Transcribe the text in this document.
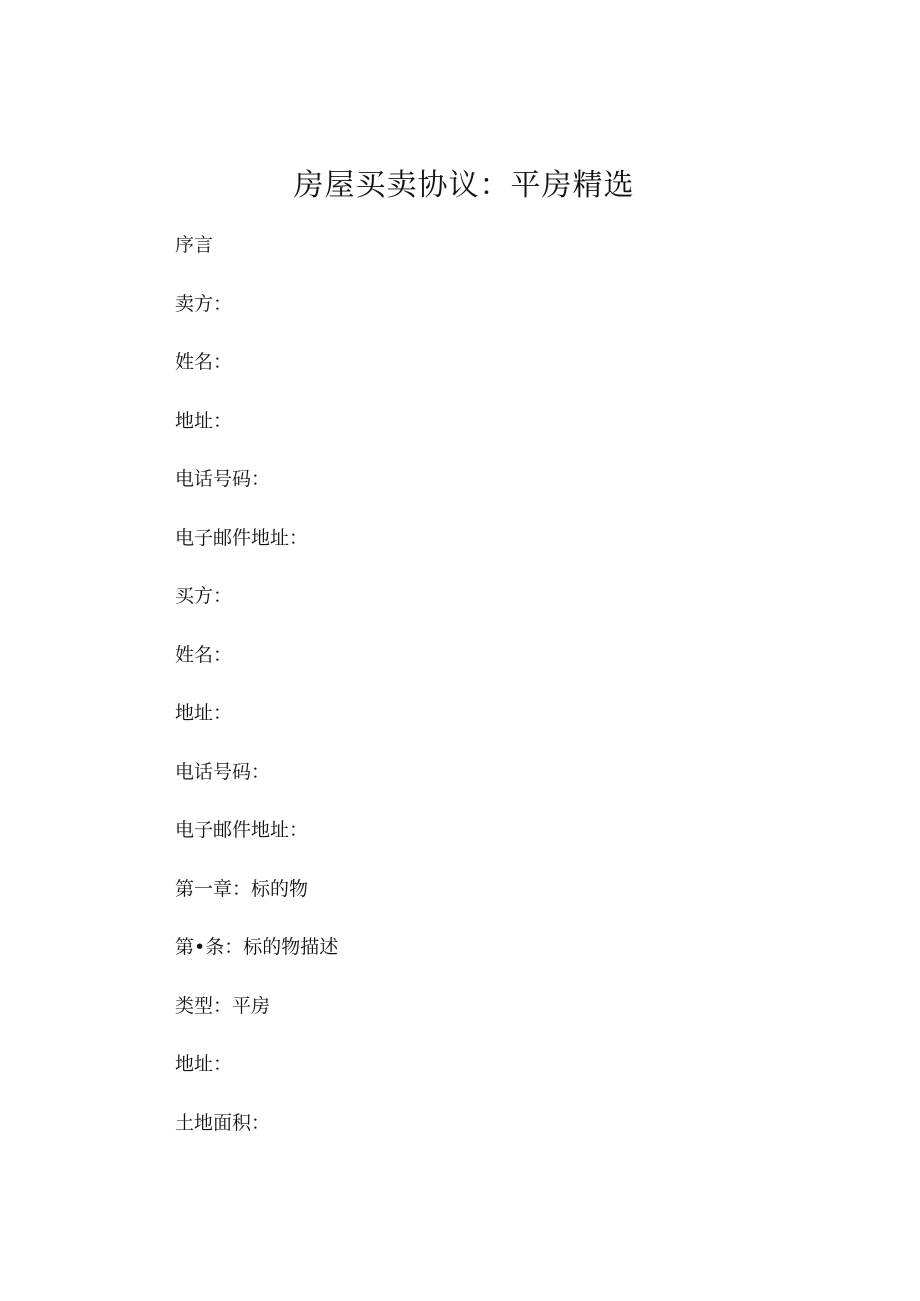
房屋买卖协议：平房精选
序言
卖方：
姓名：
地址：
电话号码：
电子邮件地址：
买方：
姓名：
地址：
电话号码：
电子邮件地址：
第一章：标的物
第•条：标的物描述
类型：平房
地址：
土地面积：
